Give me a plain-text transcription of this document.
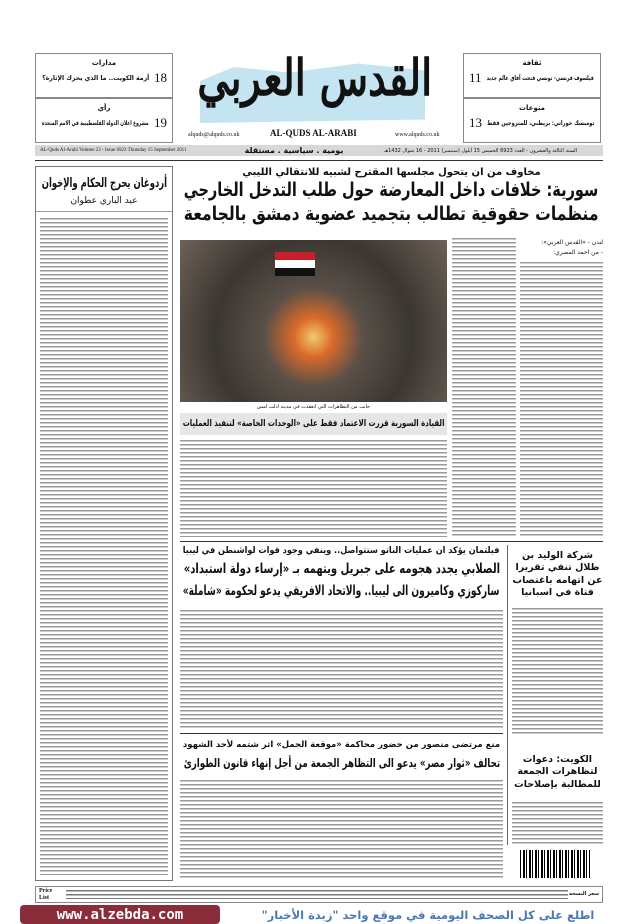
مدارات
18
أزمة الكويت.. ما الذي يحرك الإثارة؟
رأي
19
مشروع اعلان الدولة الفلسطينية في الامم المتحدة
ثقافة
11 فيلسوف فرنسي- تونسي فتحت آفاق عالم جديد
منوعات
13 تومبسك حوراني: بريطني، للمتزوجين فقط
القدس العربي
AL-QUDS AL-ARABI
alquds@alquds.co.uk	www.alquds.co.uk
AL-Quds Al-Arabi Volume 23 - Issue 6923 Thursday 15 September 2011	يومية . سياسية . مستقلة	السنة الثالثة والعشرون - العدد 6923 الخميس 15 أيلول (سبتمبر) 2011 - 16 شوال 1432هـ
أردوغان يحرج الحكام والإخوان
عبد الباري عطوان
مخاوف من ان يتحول مجلسها المقترح لشبيه للانتقالي الليبي
سورية: خلافات داخل المعارضة حول طلب التدخل الخارجي
منظمات حقوقية تطالب بتجميد عضوية دمشق بالجامعة
لندن - «القدس العربي»:
- من احمد المصري:
جانب من التظاهرات التي انعقدت في مدينة ادلب امس
القيادة السورية قررت الاعتماد فقط على «الوحدات الخاصة» لتنفيذ العمليات
فيلتمان يؤكد ان عمليات الناتو ستتواصل.. وينفي وجود قوات لواشنطن في ليبيا
الصلابي يجدد هجومه على جبريل ويتهمه بـ «إرساء دولة استبداد»
ساركوزي وكاميرون الى ليبيا.. والاتحاد الافريقي يدعو لحكومة «شاملة»
شركة الوليد بن طلال تنفي تقريرا عن اتهامه باغتصاب فتاة في اسبانيا
الكويت: دعوات لتظاهرات الجمعة للمطالبة بإصلاحات
منع مرتضى منصور من حضور محاكمة «موقعة الجمل» اثر شتمه لأحد الشهود
تحالف «ثوار مصر» يدعو الى التظاهر الجمعة من أجل إنهاء قانون الطوارئ
Price List
سعر النسخة
www.alzebda.com	اطلع على كل الصحف اليومية في موقع واحد "زبدة الأخبار"
